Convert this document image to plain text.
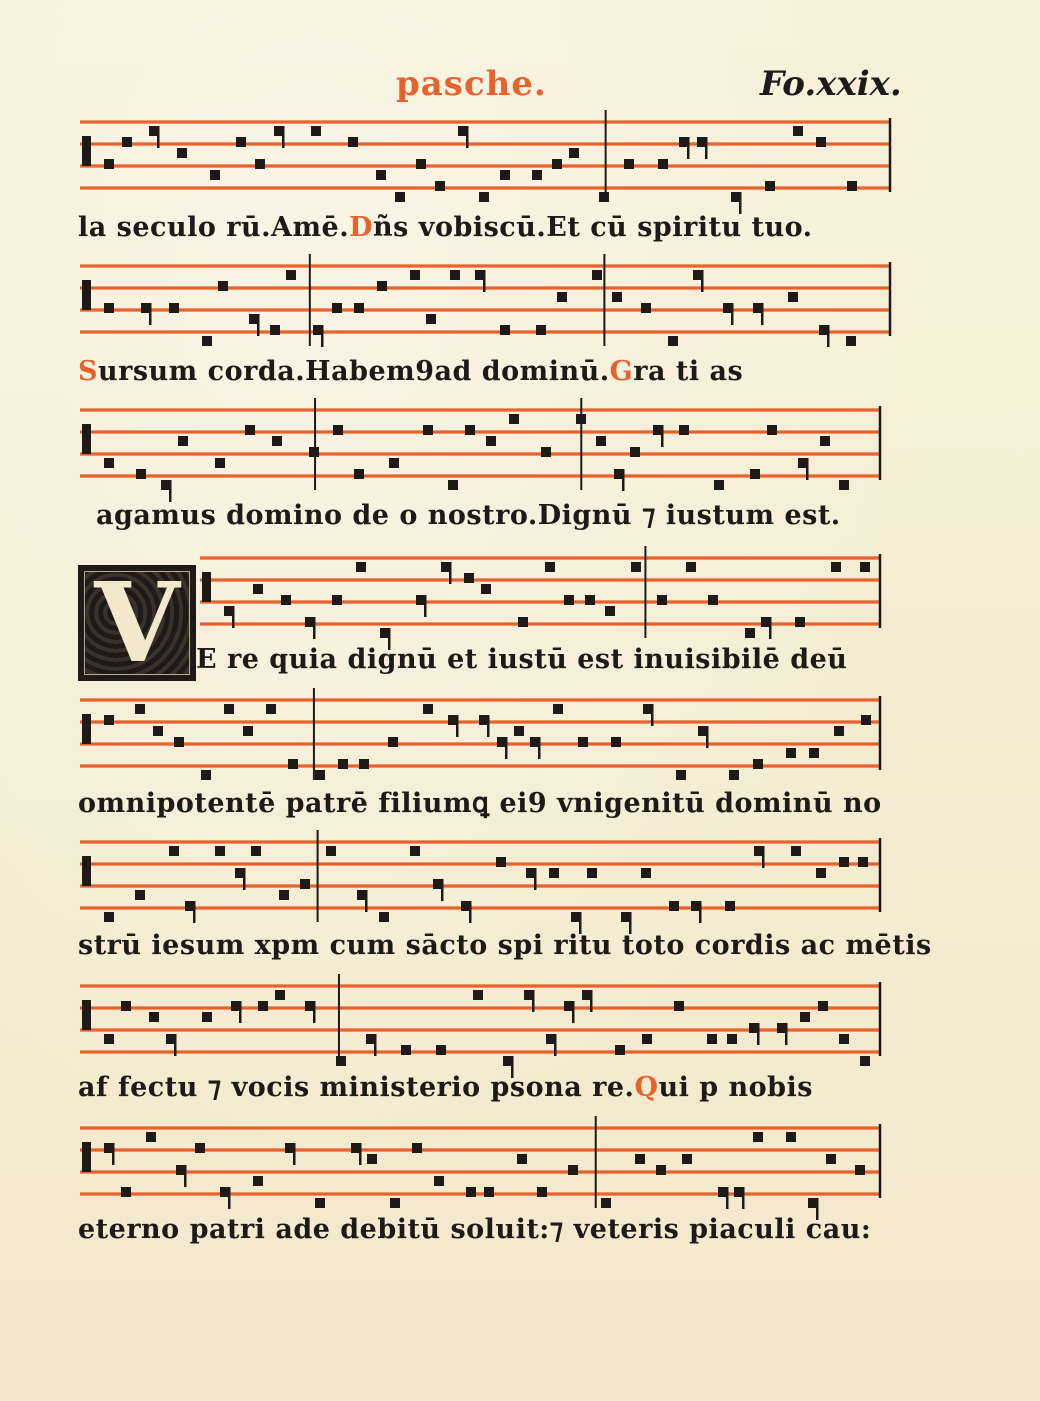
pasche.	Fo.xxix.
V
la seculo rū.Amē.Dñs vobiscū.Et cū spiritu tuo.
Sursum corda.Habem9ad dominū.Gra ti as
agamus domino de o nostro.Dignū ⁊ iustum est.
E re quia dignū et iustū est inuisibilē deū
omnipotentē patrē filiumꝗ ei9 vnigenitū dominū no
strū iesum xpm cum sācto spi ritu toto cordis ac mētis
af fectu ⁊ vocis ministerio psona re.Qui p nobis
eterno patri ade debitū soluit:⁊ veteris piaculi cau:
